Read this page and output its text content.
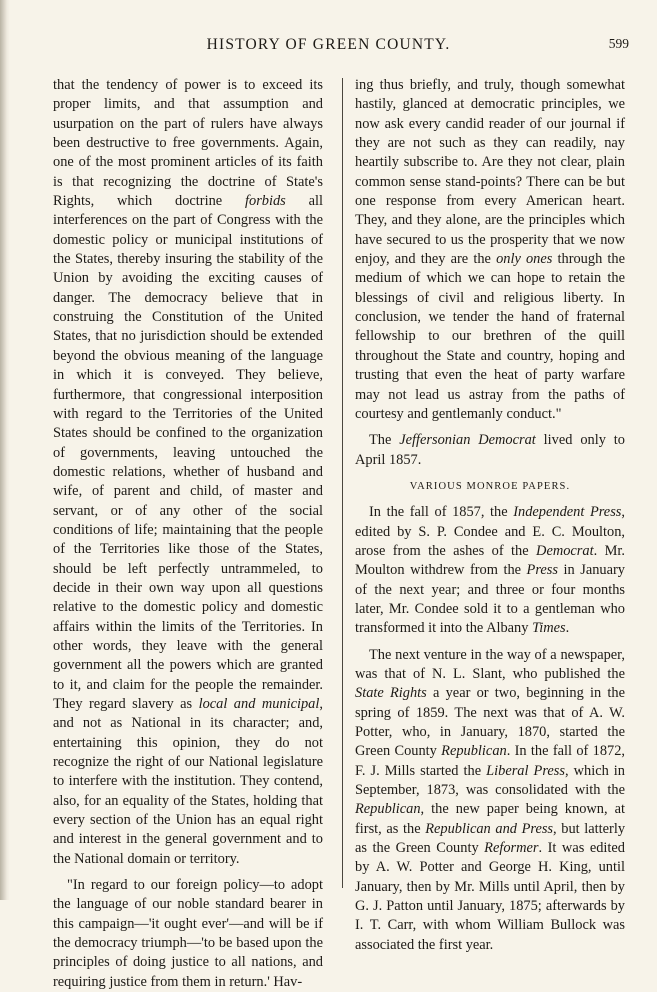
HISTORY OF GREEN COUNTY.	599

that the tendency of power is to exceed its proper limits, and that assumption and usurpation on the part of rulers have always been destructive to free governments. Again, one of the most prominent articles of its faith is that recognizing the doctrine of State's Rights, which doctrine forbids all interferences on the part of Congress with the domestic policy or municipal institutions of the States, thereby insuring the stability of the Union by avoiding the exciting causes of danger. The democracy believe that in construing the Constitution of the United States, that no jurisdiction should be extended beyond the obvious meaning of the language in which it is conveyed. They believe, furthermore, that congressional interposition with regard to the Territories of the United States should be confined to the organization of governments, leaving untouched the domestic relations, whether of husband and wife, of parent and child, of master and servant, or of any other of the social conditions of life; maintaining that the people of the Territories like those of the States, should be left perfectly untrammeled, to decide in their own way upon all questions relative to the domestic policy and domestic affairs within the limits of the Territories. In other words, they leave with the general government all the powers which are granted to it, and claim for the people the remainder. They regard slavery as local and municipal, and not as National in its character; and, entertaining this opinion, they do not recognize the right of our National legislature to interfere with the institution. They contend, also, for an equality of the States, holding that every section of the Union has an equal right and interest in the general government and to the National domain or territory.

"In regard to our foreign policy—to adopt the language of our noble standard bearer in this campaign—'it ought ever'—and will be if the democracy triumph—'to be based upon the principles of doing justice to all nations, and requiring justice from them in return.' Hav-

ing thus briefly, and truly, though somewhat hastily, glanced at democratic principles, we now ask every candid reader of our journal if they are not such as they can readily, nay heartily subscribe to. Are they not clear, plain common sense stand-points? There can be but one response from every American heart. They, and they alone, are the principles which have secured to us the prosperity that we now enjoy, and they are the only ones through the medium of which we can hope to retain the blessings of civil and religious liberty. In conclusion, we tender the hand of fraternal fellowship to our brethren of the quill throughout the State and country, hoping and trusting that even the heat of party warfare may not lead us astray from the paths of courtesy and gentlemanly conduct."

The Jeffersonian Democrat lived only to April 1857.

VARIOUS MONROE PAPERS.

In the fall of 1857, the Independent Press, edited by S. P. Condee and E. C. Moulton, arose from the ashes of the Democrat. Mr. Moulton withdrew from the Press in January of the next year; and three or four months later, Mr. Condee sold it to a gentleman who transformed it into the Albany Times.

The next venture in the way of a newspaper, was that of N. L. Slant, who published the State Rights a year or two, beginning in the spring of 1859. The next was that of A. W. Potter, who, in January, 1870, started the Green County Republican. In the fall of 1872, F. J. Mills started the Liberal Press, which in September, 1873, was consolidated with the Republican, the new paper being known, at first, as the Republican and Press, but latterly as the Green County Reformer. It was edited by A. W. Potter and George H. King, until January, then by Mr. Mills until April, then by G. J. Patton until January, 1875; afterwards by I. T. Carr, with whom William Bullock was associated the first year.
